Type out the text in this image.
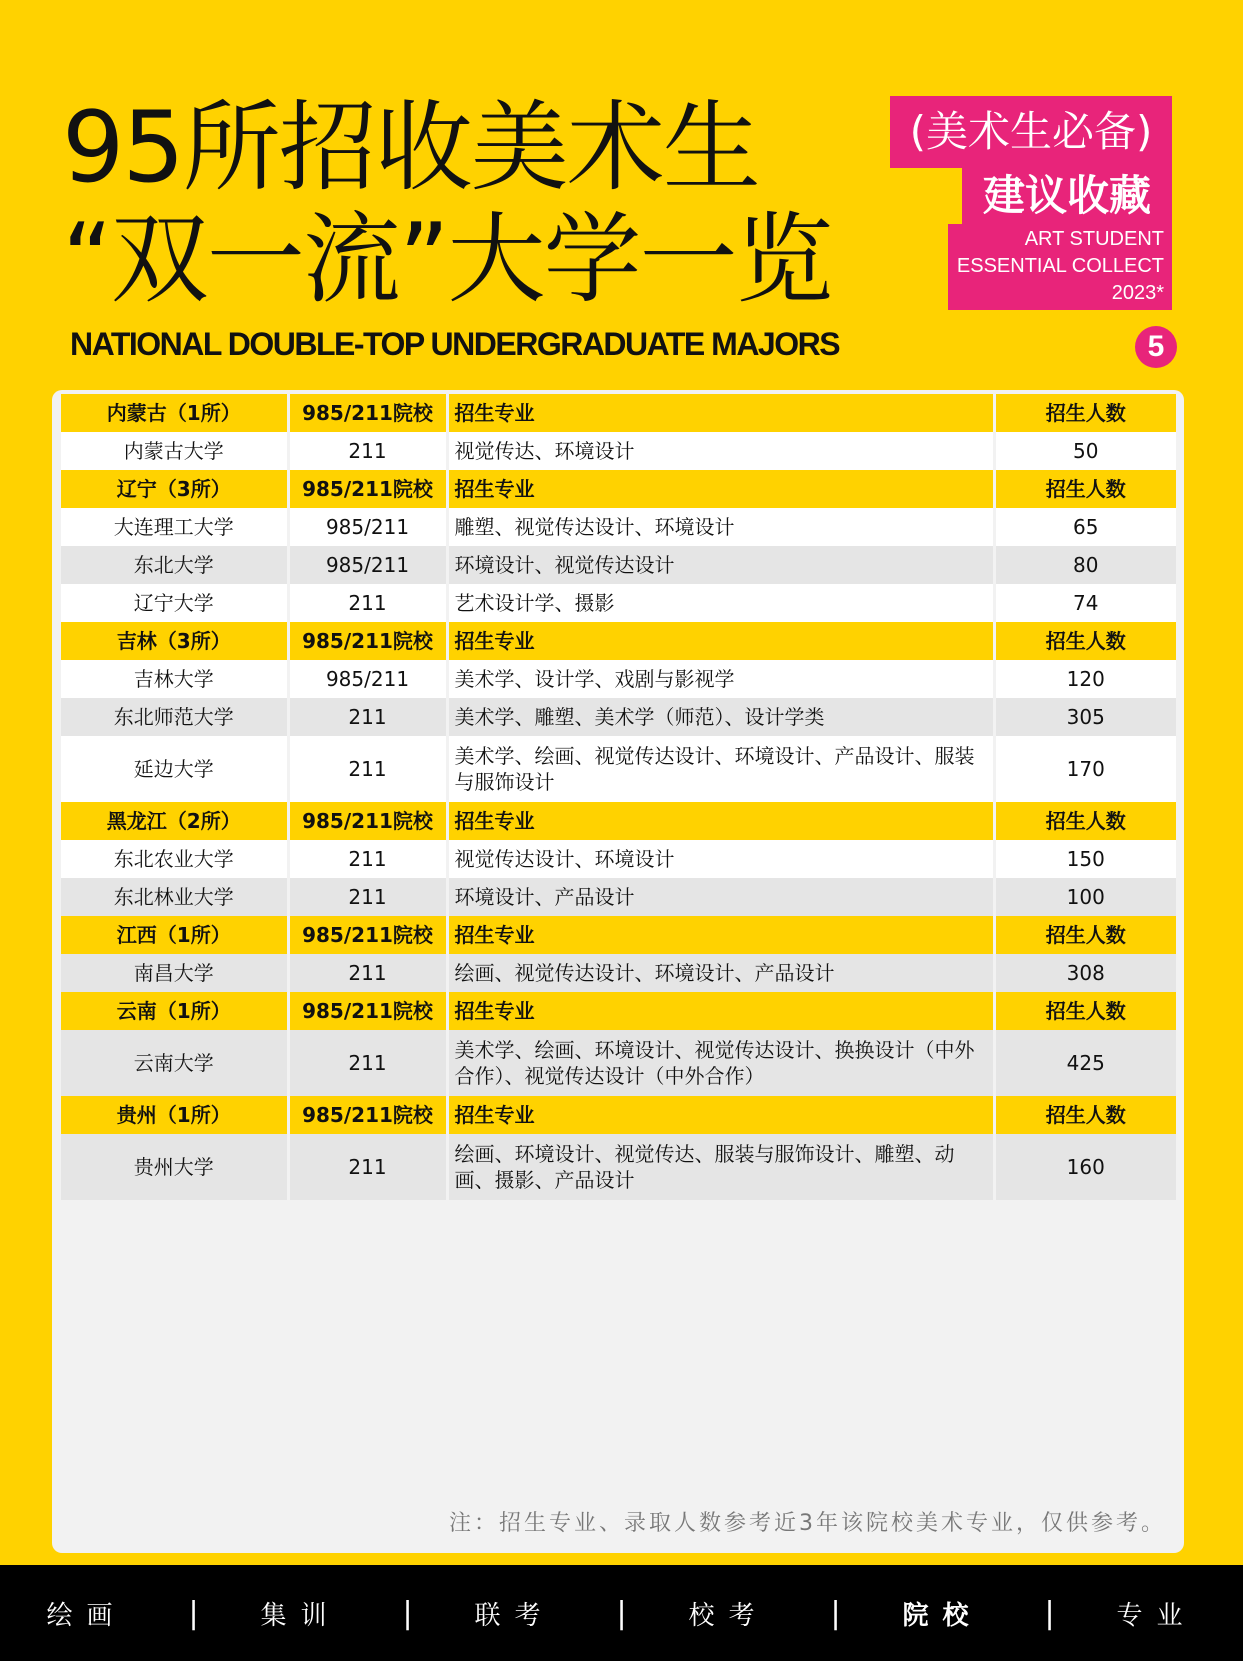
95所招收美术生
“双一流”大学一览
NATIONAL DOUBLE-TOP UNDERGRADUATE MAJORS
(美术生必备)
建议收藏
ART STUDENT
ESSENTIAL COLLECT
2023*
5
内蒙古（1所）	985/211院校	招生专业	招生人数
内蒙古大学	211	视觉传达、环境设计	50
辽宁（3所）	985/211院校	招生专业	招生人数
大连理工大学	985/211	雕塑、视觉传达设计、环境设计	65
东北大学	985/211	环境设计、视觉传达设计	80
辽宁大学	211	艺术设计学、摄影	74
吉林（3所）	985/211院校	招生专业	招生人数
吉林大学	985/211	美术学、设计学、戏剧与影视学	120
东北师范大学	211	美术学、雕塑、美术学（师范）、设计学类	305
延边大学	211	美术学、绘画、视觉传达设计、环境设计、产品设计、服装与服饰设计	170
黑龙江（2所）	985/211院校	招生专业	招生人数
东北农业大学	211	视觉传达设计、环境设计	150
东北林业大学	211	环境设计、产品设计	100
江西（1所）	985/211院校	招生专业	招生人数
南昌大学	211	绘画、视觉传达设计、环境设计、产品设计	308
云南（1所）	985/211院校	招生专业	招生人数
云南大学	211	美术学、绘画、环境设计、视觉传达设计、换换设计（中外合作）、视觉传达设计（中外合作）	425
贵州（1所）	985/211院校	招生专业	招生人数
贵州大学	211	绘画、环境设计、视觉传达、服装与服饰设计、雕塑、动画、摄影、产品设计	160
注：招生专业、录取人数参考近3年该院校美术专业，仅供参考。
绘画	|	集训	|	联考	|	校考	|	院校	|	专业
